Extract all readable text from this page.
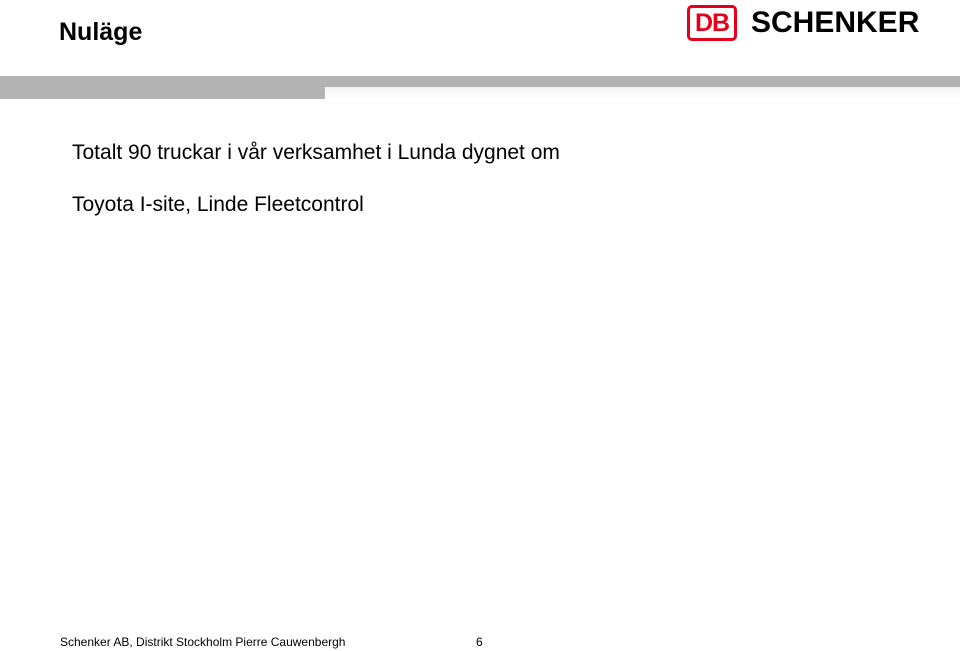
Nuläge	DB SCHENKER
Totalt 90 truckar i vår verksamhet i Lunda dygnet om
Toyota I-site, Linde Fleetcontrol
Schenker AB, Distrikt Stockholm Pierre Cauwenbergh	6
